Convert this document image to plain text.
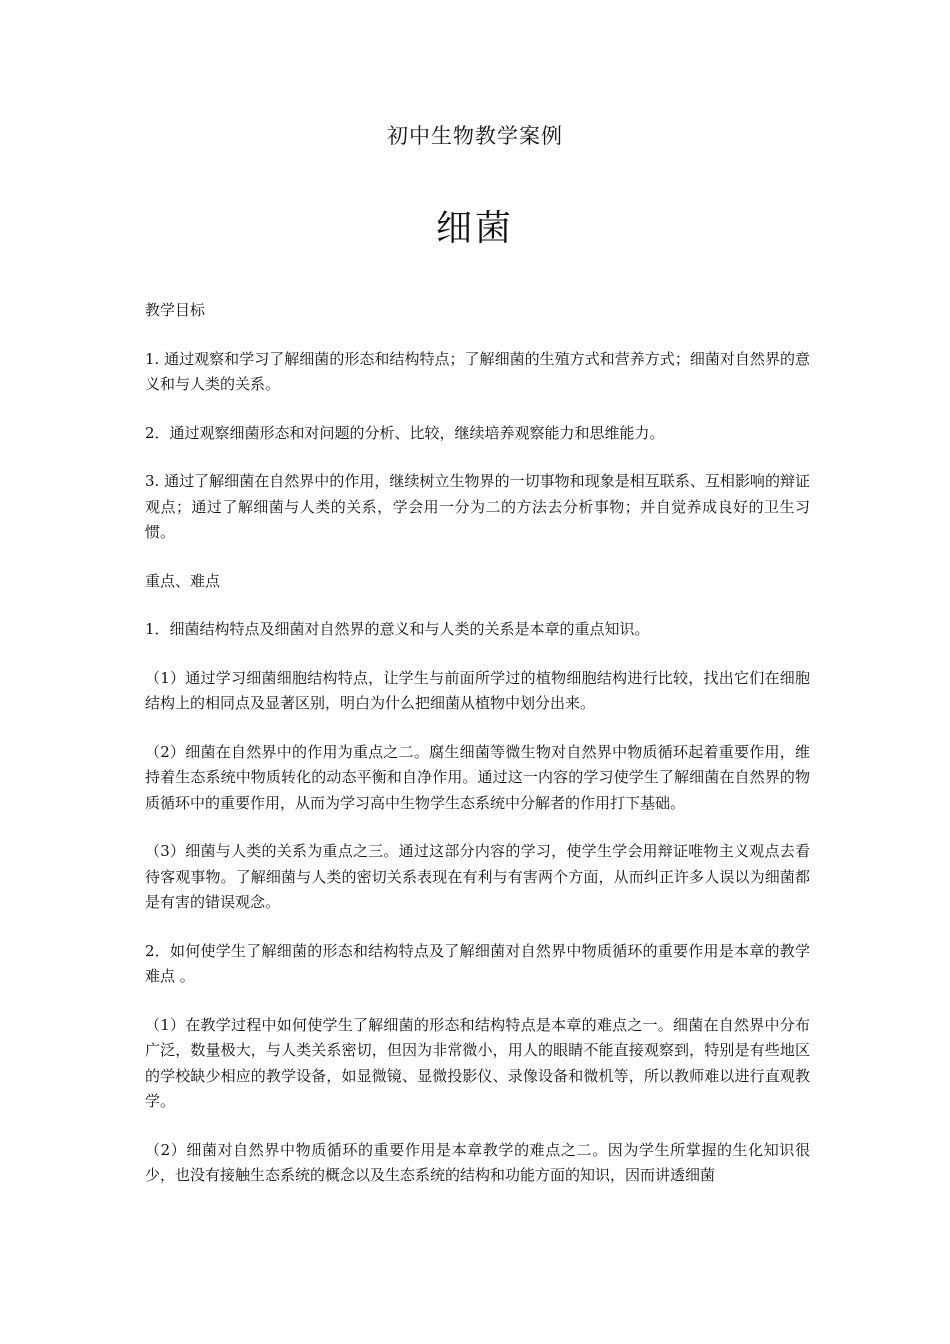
初中生物教学案例
细菌

教学目标

1. 通过观察和学习了解细菌的形态和结构特点；了解细菌的生殖方式和营养方式；细菌对自然界的意义和与人类的关系。

2．通过观察细菌形态和对问题的分析、比较，继续培养观察能力和思维能力。

3. 通过了解细菌在自然界中的作用，继续树立生物界的一切事物和现象是相互联系、互相影响的辩证观点；通过了解细菌与人类的关系，学会用一分为二的方法去分析事物；并自觉养成良好的卫生习惯。

重点、难点

1．细菌结构特点及细菌对自然界的意义和与人类的关系是本章的重点知识。

（1）通过学习细菌细胞结构特点，让学生与前面所学过的植物细胞结构进行比较，找出它们在细胞结构上的相同点及显著区别，明白为什么把细菌从植物中划分出来。

（2）细菌在自然界中的作用为重点之二。腐生细菌等微生物对自然界中物质循环起着重要作用，维持着生态系统中物质转化的动态平衡和自净作用。通过这一内容的学习使学生了解细菌在自然界的物质循环中的重要作用，从而为学习高中生物学生态系统中分解者的作用打下基础。

（3）细菌与人类的关系为重点之三。通过这部分内容的学习，使学生学会用辩证唯物主义观点去看待客观事物。了解细菌与人类的密切关系表现在有利与有害两个方面，从而纠正许多人误以为细菌都是有害的错误观念。

2．如何使学生了解细菌的形态和结构特点及了解细菌对自然界中物质循环的重要作用是本章的教学难点 。

（1）在教学过程中如何使学生了解细菌的形态和结构特点是本章的难点之一。细菌在自然界中分布广泛，数量极大，与人类关系密切，但因为非常微小，用人的眼睛不能直接观察到，特别是有些地区的学校缺少相应的教学设备，如显微镜、显微投影仪、录像设备和微机等，所以教师难以进行直观教学。

（2）细菌对自然界中物质循环的重要作用是本章教学的难点之二。因为学生所掌握的生化知识很少，也没有接触生态系统的概念以及生态系统的结构和功能方面的知识，因而讲透细菌
